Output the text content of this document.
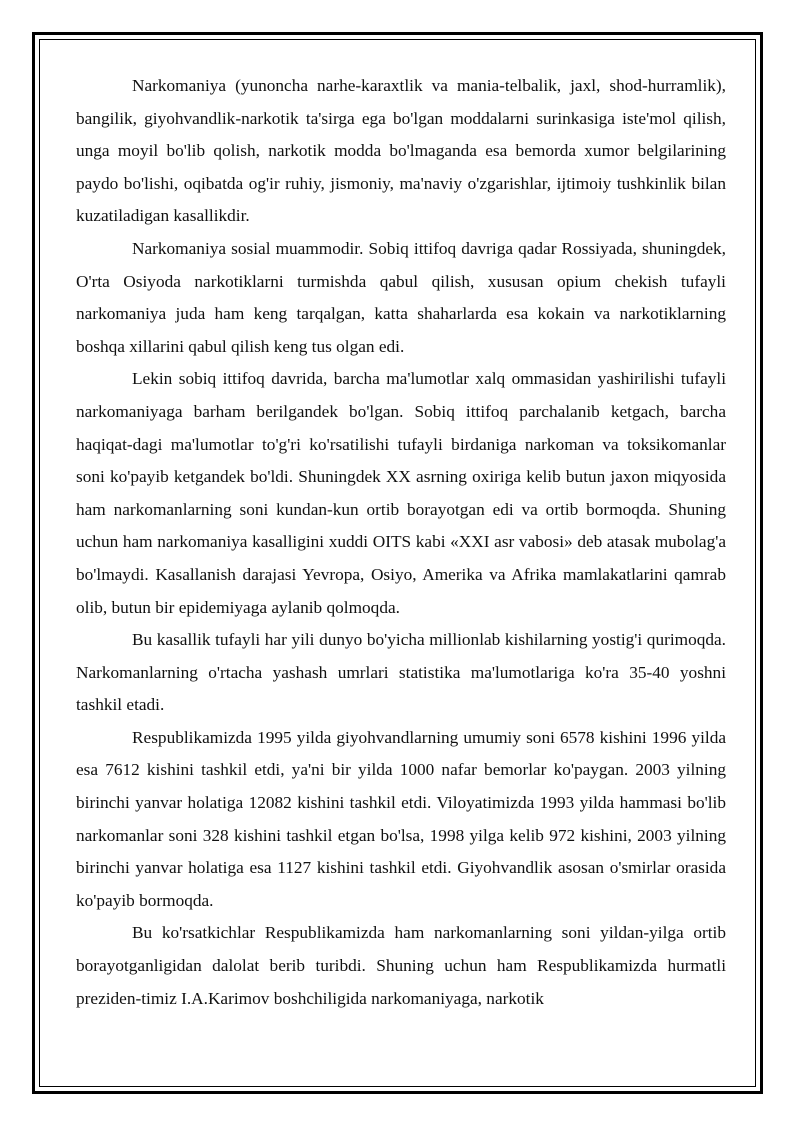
Narkomaniya (yunoncha narhe-karaxtlik va mania-telbalik, jaxl, shod-hurramlik), bangilik, giyohvandlik-narkotik ta'sirga ega bo'lgan moddalarni surinkasiga iste'mol qilish, unga moyil bo'lib qolish, narkotik modda bo'lmaganda esa bemorda xumor belgilarining paydo bo'lishi, oqibatda og'ir ruhiy, jismoniy, ma'naviy o'zgarishlar, ijtimoiy tushkinlik bilan kuzatiladigan kasallikdir.

Narkomaniya sosial muammodir. Sobiq ittifoq davriga qadar Rossiyada, shuningdek, O'rta Osiyoda narkotiklarni turmishda qabul qilish, xususan opium chekish tufayli narkomaniya juda ham keng tarqalgan, katta shaharlarda esa kokain va narkotiklarning boshqa xillarini qabul qilish keng tus olgan edi.

Lekin sobiq ittifoq davrida, barcha ma'lumotlar xalq ommasidan yashirilishi tufayli narkomaniyaga barham berilgandek bo'lgan. Sobiq ittifoq parchalanib ketgach, barcha haqiqat-dagi ma'lumotlar to'g'ri ko'rsatilishi tufayli birdaniga narkoman va toksikomanlar soni ko'payib ketgandek bo'ldi. Shuningdek XX asrning oxiriga kelib butun jaxon miqyosida ham narkomanlarning soni kundan-kun ortib borayotgan edi va ortib bormoqda. Shuning uchun ham narkomaniya kasalligini xuddi OITS kabi «XXI asr vabosi» deb atasak mubolag'a bo'lmaydi. Kasallanish darajasi Yevropa, Osiyo, Amerika va Afrika mamlakatlarini qamrab olib, butun bir epidemiyaga aylanib qolmoqda.

Bu kasallik tufayli har yili dunyo bo'yicha millionlab kishilarning yostig'i qurimoqda. Narkomanlarning o'rtacha yashash umrlari statistika ma'lumotlariga ko'ra 35-40 yoshni tashkil etadi.

Respublikamizda 1995 yilda giyohvandlarning umumiy soni 6578 kishini 1996 yilda esa 7612 kishini tashkil etdi, ya'ni bir yilda 1000 nafar bemorlar ko'paygan. 2003 yilning birinchi yanvar holatiga 12082 kishini tashkil etdi. Viloyatimizda 1993 yilda hammasi bo'lib narkomanlar soni 328 kishini tashkil etgan bo'lsa, 1998 yilga kelib 972 kishini, 2003 yilning birinchi yanvar holatiga esa 1127 kishini tashkil etdi. Giyohvandlik asosan o'smirlar orasida ko'payib bormoqda.

Bu ko'rsatkichlar Respublikamizda ham narkomanlarning soni yildan-yilga ortib borayotganligidan dalolat berib turibdi. Shuning uchun ham Respublikamizda hurmatli preziden-timiz I.A.Karimov boshchiligida narkomaniyaga, narkotik
